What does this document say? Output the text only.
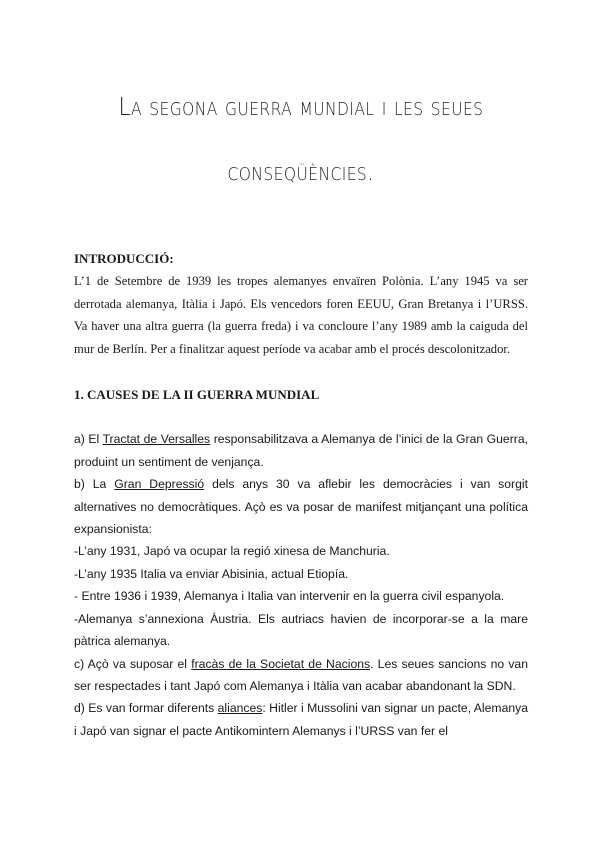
La segona guerra mundial i les seues
conseqüències.
INTRODUCCIÓ:

L’1 de Setembre de 1939 les tropes alemanyes envaïren Polònia. L’any 1945 va ser derrotada alemanya, Itàlia i Japó. Els vencedors foren EEUU, Gran Bretanya i l’URSS. Va haver una altra guerra (la guerra freda) i va concloure l’any 1989 amb la caiguda del mur de Berlín. Per a finalitzar aquest període va acabar amb el procés descolonitzador.

1. CAUSES DE LA II GUERRA MUNDIAL

a) El Tractat de Versalles responsabilitzava a Alemanya de l’inici de la Gran Guerra, produint un sentiment de venjança.

b) La Gran Depressió dels anys 30 va aflebir les democràcies i van sorgit alternatives no democràtiques. Açò es va posar de manifest mitjançant una política expansionista:

-L’any 1931, Japó va ocupar la regió xinesa de Manchuria.

-L’any 1935 Italia va enviar Abisinia, actual Etiopía.

- Entre 1936 i 1939, Alemanya i Italia van intervenir en la guerra civil espanyola.

-Alemanya s’annexiona Àustria. Els autriacs havien de incorporar-se a la mare pàtrica alemanya.

c) Açò va suposar el fracàs de la Societat de Nacions. Les seues sancions no van ser respectades i tant Japó com Alemanya i Itàlia van acabar abandonant la SDN.

d) Es van formar diferents aliances: Hitler i Mussolini van signar un pacte, Alemanya i Japó van signar el pacte Antikomintern Alemanys i l’URSS van fer el
